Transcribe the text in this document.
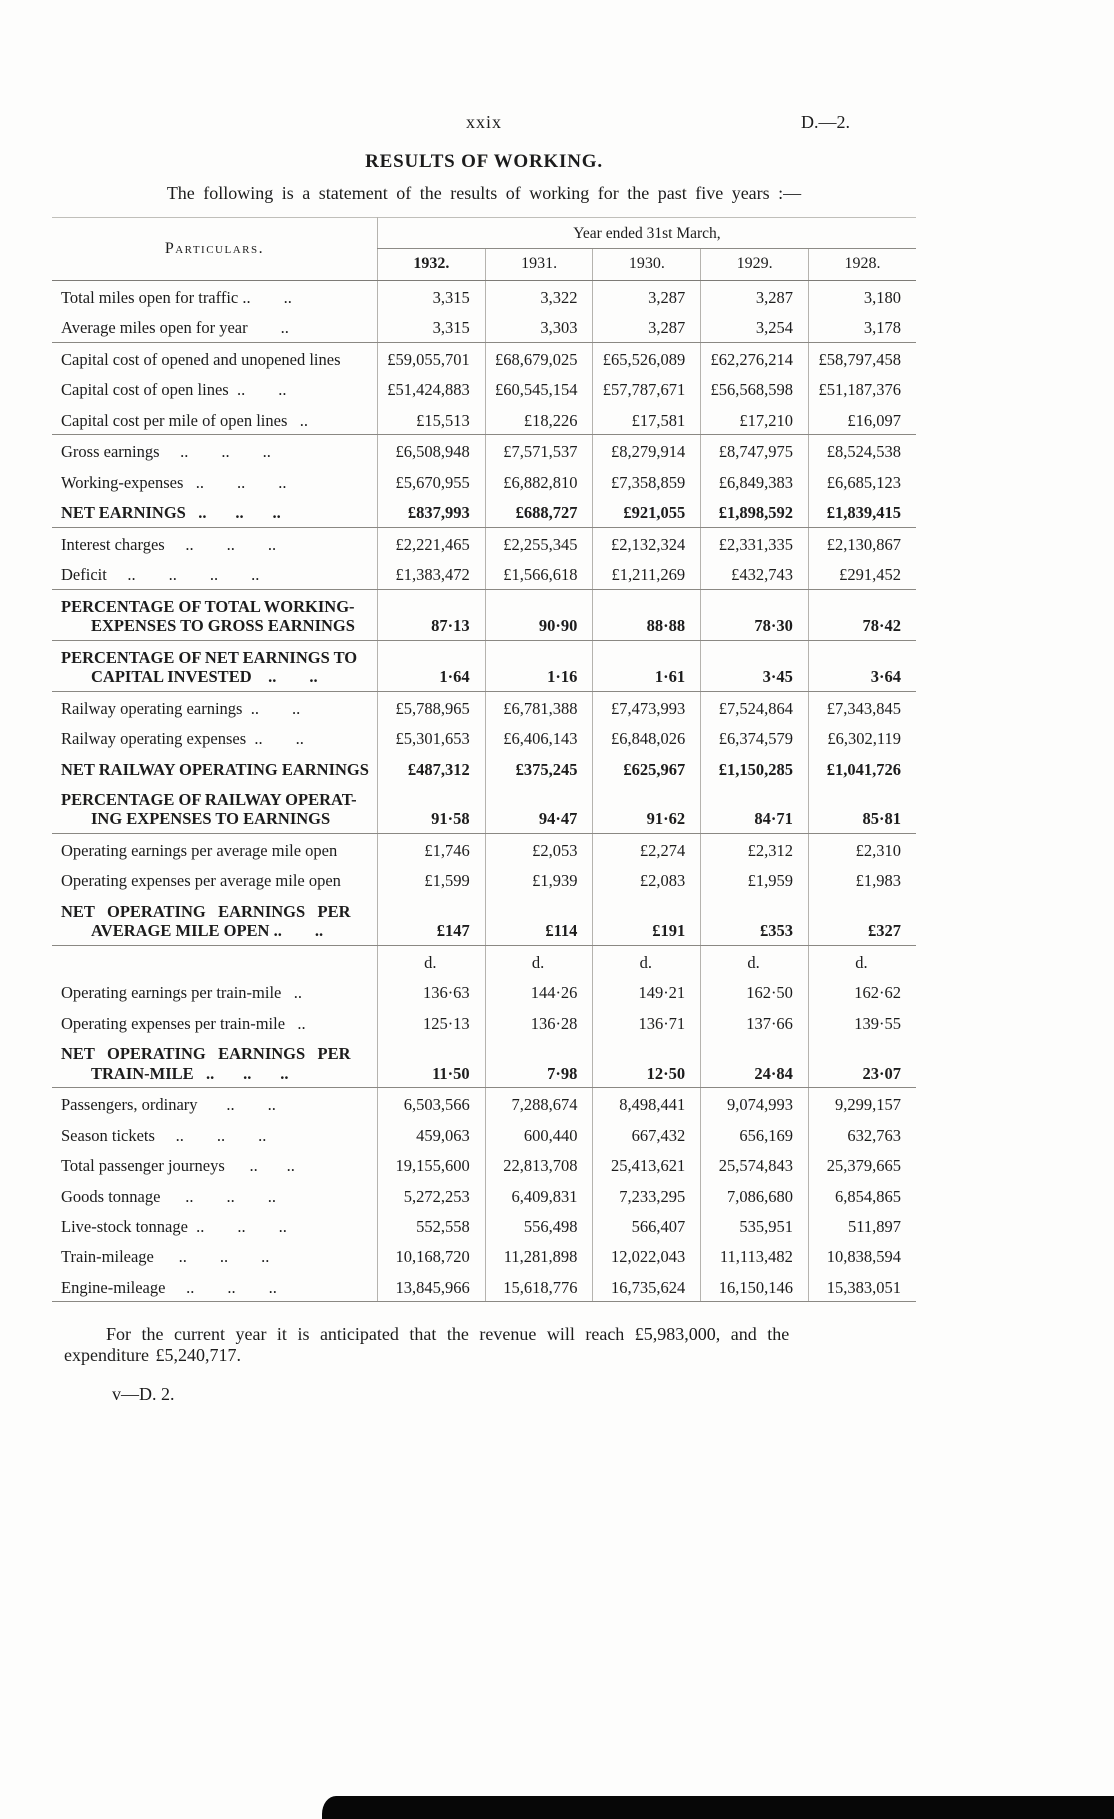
xxix	D.—2.
RESULTS OF WORKING.
The following is a statement of the results of working for the past five years :—
Particulars.	Year ended 31st March,				
	1932.	1931.	1930.	1929.	1928.
Total miles open for traffic ..        ..	3,315	3,322	3,287	3,287	3,180
Average miles open for year        ..	3,315	3,303	3,287	3,254	3,178
Capital cost of opened and unopened lines	£59,055,701	£68,679,025	£65,526,089	£62,276,214	£58,797,458
Capital cost of open lines  ..        ..	£51,424,883	£60,545,154	£57,787,671	£56,568,598	£51,187,376
Capital cost per mile of open lines   ..	£15,513	£18,226	£17,581	£17,210	£16,097
Gross earnings     ..        ..        ..	£6,508,948	£7,571,537	£8,279,914	£8,747,975	£8,524,538
Working-expenses   ..        ..        ..	£5,670,955	£6,882,810	£7,358,859	£6,849,383	£6,685,123
NET EARNINGS   ..       ..       ..	£837,993	£688,727	£921,055	£1,898,592	£1,839,415
Interest charges     ..        ..        ..	£2,221,465	£2,255,345	£2,132,324	£2,331,335	£2,130,867
Deficit     ..        ..        ..        ..	£1,383,472	£1,566,618	£1,211,269	£432,743	£291,452

PERCENTAGE OF TOTAL WORKING-
EXPENSES TO GROSS EARNINGS	87·13	90·90	88·88	78·30	78·42

PERCENTAGE OF NET EARNINGS TO
CAPITAL INVESTED    ..        ..	1·64	1·16	1·61	3·45	3·64
Railway operating earnings  ..        ..	£5,788,965	£6,781,388	£7,473,993	£7,524,864	£7,343,845
Railway operating expenses  ..        ..	£5,301,653	£6,406,143	£6,848,026	£6,374,579	£6,302,119
NET RAILWAY OPERATING EARNINGS	£487,312	£375,245	£625,967	£1,150,285	£1,041,726

PERCENTAGE OF RAILWAY OPERAT-
ING EXPENSES TO EARNINGS	91·58	94·47	91·62	84·71	85·81
Operating earnings per average mile open	£1,746	£2,053	£2,274	£2,312	£2,310
Operating expenses per average mile open	£1,599	£1,939	£2,083	£1,959	£1,983

NET   OPERATING   EARNINGS   PER
AVERAGE MILE OPEN ..        ..	£147	£114	£191	£353	£327
	d.	d.	d.	d.	d.
Operating earnings per train-mile   ..	136·63	144·26	149·21	162·50	162·62
Operating expenses per train-mile   ..	125·13	136·28	136·71	137·66	139·55

NET   OPERATING   EARNINGS   PER
TRAIN-MILE   ..       ..       ..	11·50	7·98	12·50	24·84	23·07
Passengers, ordinary       ..        ..	6,503,566	7,288,674	8,498,441	9,074,993	9,299,157
Season tickets     ..        ..        ..	459,063	600,440	667,432	656,169	632,763
Total passenger journeys      ..       ..	19,155,600	22,813,708	25,413,621	25,574,843	25,379,665
Goods tonnage      ..        ..        ..	5,272,253	6,409,831	7,233,295	7,086,680	6,854,865
Live-stock tonnage  ..        ..        ..	552,558	556,498	566,407	535,951	511,897
Train-mileage      ..        ..        ..	10,168,720	11,281,898	12,022,043	11,113,482	10,838,594
Engine-mileage     ..        ..        ..	13,845,966	15,618,776	16,735,624	16,150,146	15,383,051
For the current year it is anticipated that the revenue will reach £5,983,000, and the
expenditure £5,240,717.
v—D. 2.
